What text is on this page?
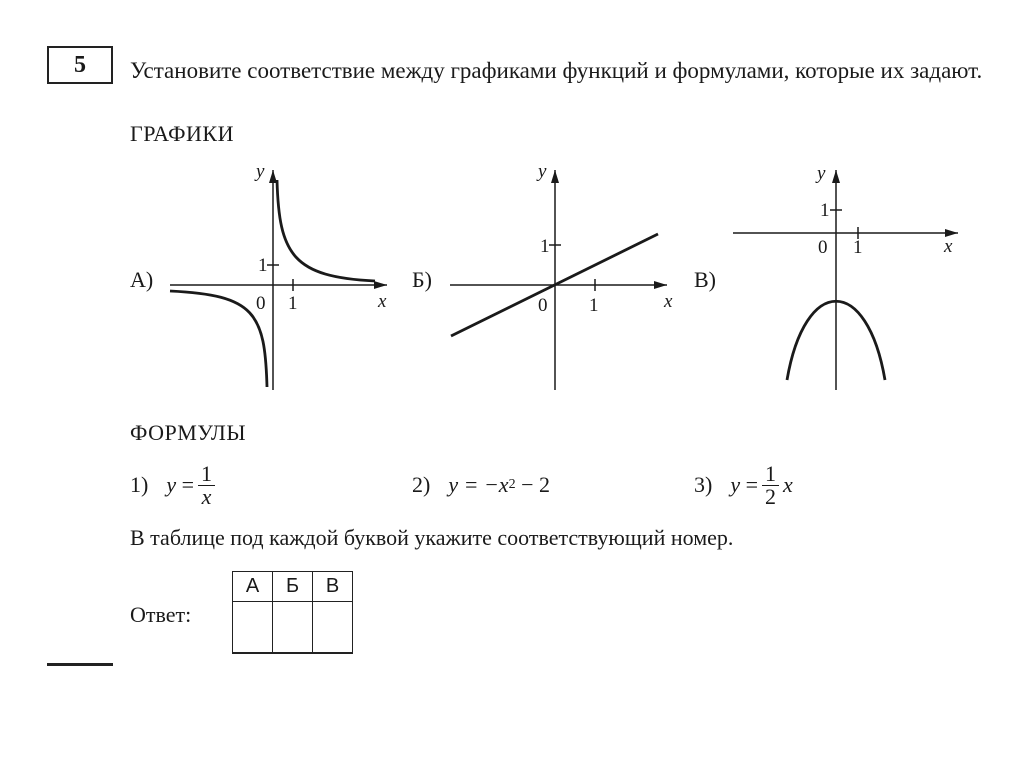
5	Установите соответствие между графиками функций и формулами, которые их задают.
ГРАФИКИ
А)
y
x
0 1
1
Б)
y
x
0 1
1
В)
y
x
0 1
1
ФОРМУЛЫ
1) y
= $\frac{1}{x}$	2) y
= −x 2
− 2	3) y
= $\frac{1}{2}$ x
В таблице под каждой буквой укажите соответствующий номер.
Ответ:
А	Б	В
